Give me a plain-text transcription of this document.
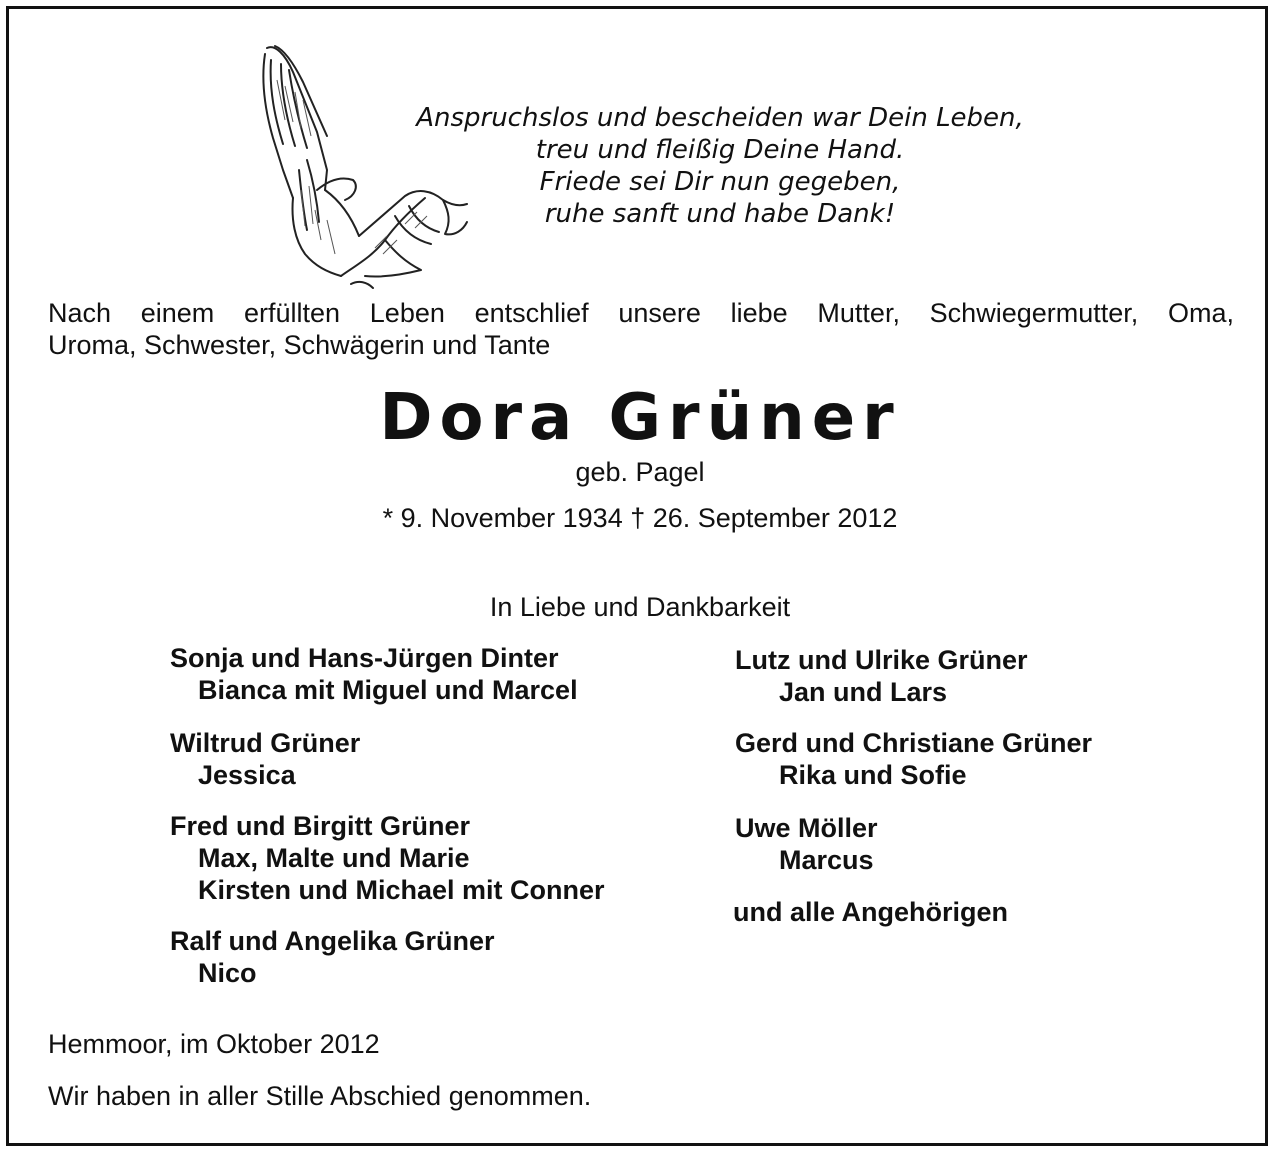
Anspruchslos und bescheiden war Dein Leben,
treu und fleißig Deine Hand.
Friede sei Dir nun gegeben,
ruhe sanft und habe Dank!
Nach einem erfüllten Leben entschlief unsere liebe Mutter, Schwiegermutter, Oma,
Uroma, Schwester, Schwägerin und Tante
Dora Grüner
geb. Pagel
* 9. November 1934 † 26. September 2012
In Liebe und Dankbarkeit
Sonja und Hans-Jürgen Dinter
Bianca mit Miguel und Marcel
Wiltrud Grüner
Jessica
Fred und Birgitt Grüner
Max, Malte und Marie
Kirsten und Michael mit Conner
Ralf und Angelika Grüner
Nico
Lutz und Ulrike Grüner
Jan und Lars
Gerd und Christiane Grüner
Rika und Sofie
Uwe Möller
Marcus
und alle Angehörigen
Hemmoor, im Oktober 2012
Wir haben in aller Stille Abschied genommen.
